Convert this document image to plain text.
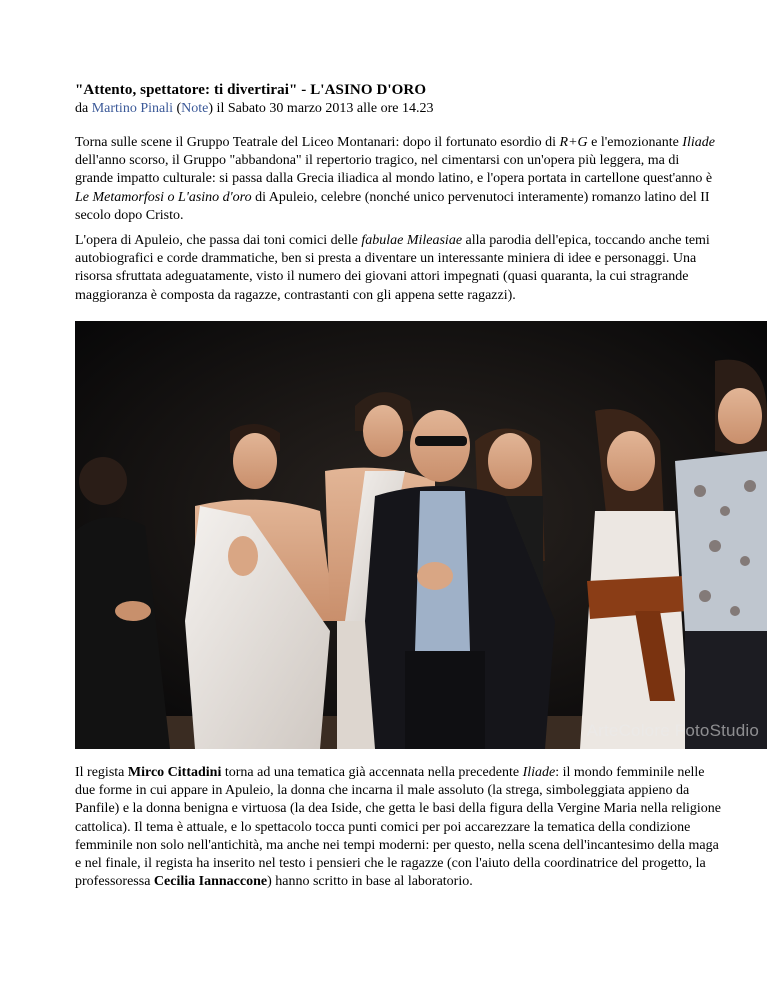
"Attento, spettatore: ti divertirai" - L'ASINO D'ORO
da Martino Pinali (Note) il Sabato 30 marzo 2013 alle ore 14.23

Torna sulle scene il Gruppo Teatrale del Liceo Montanari: dopo il fortunato esordio di R+G e l'emozionante Iliade dell'anno scorso, il Gruppo "abbandona" il repertorio tragico, nel cimentarsi con un'opera più leggera, ma di grande impatto culturale: si passa dalla Grecia iliadica al mondo latino, e l'opera portata in cartellone quest'anno è Le Metamorfosi o L'asino d'oro di Apuleio, celebre (nonché unico pervenutoci interamente) romanzo latino del II secolo dopo Cristo.

L'opera di Apuleio, che passa dai toni comici delle fabulae Mileasiae alla parodia dell'epica, toccando anche temi autobiografici e corde drammatiche, ben si presta a diventare un interessante miniera di idee e personaggi. Una risorsa sfruttata adeguatamente, visto il numero dei giovani attori impegnati (quasi quaranta, la cui stragrande maggioranza è composta da ragazze, contrastanti con gli appena sette ragazzi).

ArteColore FotoStudio

Il regista Mirco Cittadini torna ad una tematica già accennata nella precedente Iliade: il mondo femminile nelle due forme in cui appare in Apuleio, la donna che incarna il male assoluto (la strega, simboleggiata appieno da Panfile) e la donna benigna e virtuosa (la dea Iside, che getta le basi della figura della Vergine Maria nella religione cattolica). Il tema è attuale, e lo spettacolo tocca punti comici per poi accarezzare la tematica della condizione femminile non solo nell'antichità, ma anche nei tempi moderni: per questo, nella scena dell'incantesimo della maga e nel finale, il regista ha inserito nel testo i pensieri che le ragazze (con l'aiuto della coordinatrice del progetto, la professoressa Cecilia Iannaccone) hanno scritto in base al laboratorio.
